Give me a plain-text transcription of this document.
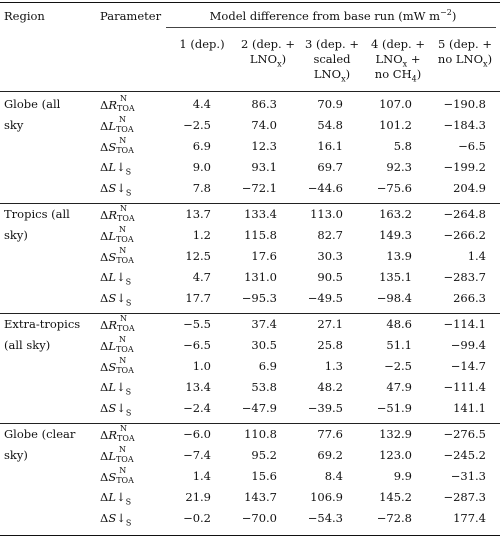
Region	Parameter	Model difference from base run (mW $m^{-2}$)
1 (dep.)	2 (dep. +
$LNO_x$)
3 (dep. +
scaled
$LNO_x$)
4 (dep. +
$LNO_x$ +
no $CH_4$)
5 (dep. +
no $LNO_x$)
Globe (all
sky
ΔR N
TOA	4.4	86.3	70.9	107.0	−190.8
ΔL N
TOA	−2.5	74.0	54.8	101.2	−184.3
ΔS N
TOA	6.9	12.3	16.1	5.8	−6.5
$\Delta L↓_S$	9.0	93.1	69.7	92.3	−199.2
$\Delta S↓_S$	7.8	−72.1	−44.6	−75.6	204.9
Tropics (all
sky)
ΔR N
TOA	13.7	133.4	113.0	163.2	−264.8
ΔL N
TOA	1.2	115.8	82.7	149.3	−266.2
ΔS N
TOA	12.5	17.6	30.3	13.9	1.4
$\Delta L↓_S$	4.7	131.0	90.5	135.1	−283.7
$\Delta S↓_S$	17.7	−95.3	−49.5	−98.4	266.3
Extra-tropics
(all sky)
ΔR N
TOA	−5.5	37.4	27.1	48.6	−114.1
ΔL N
TOA	−6.5	30.5	25.8	51.1	−99.4
ΔS N
TOA	1.0	6.9	1.3	−2.5	−14.7
$\Delta L↓_S$	13.4	53.8	48.2	47.9	−111.4
$\Delta S↓_S$	−2.4	−47.9	−39.5	−51.9	141.1
Globe (clear
sky)
ΔR N
TOA	−6.0	110.8	77.6	132.9	−276.5
ΔL N
TOA	−7.4	95.2	69.2	123.0	−245.2
ΔS N
TOA	1.4	15.6	8.4	9.9	−31.3
$\Delta L↓_S$	21.9	143.7	106.9	145.2	−287.3
$\Delta S↓_S$	−0.2	−70.0	−54.3	−72.8	177.4
